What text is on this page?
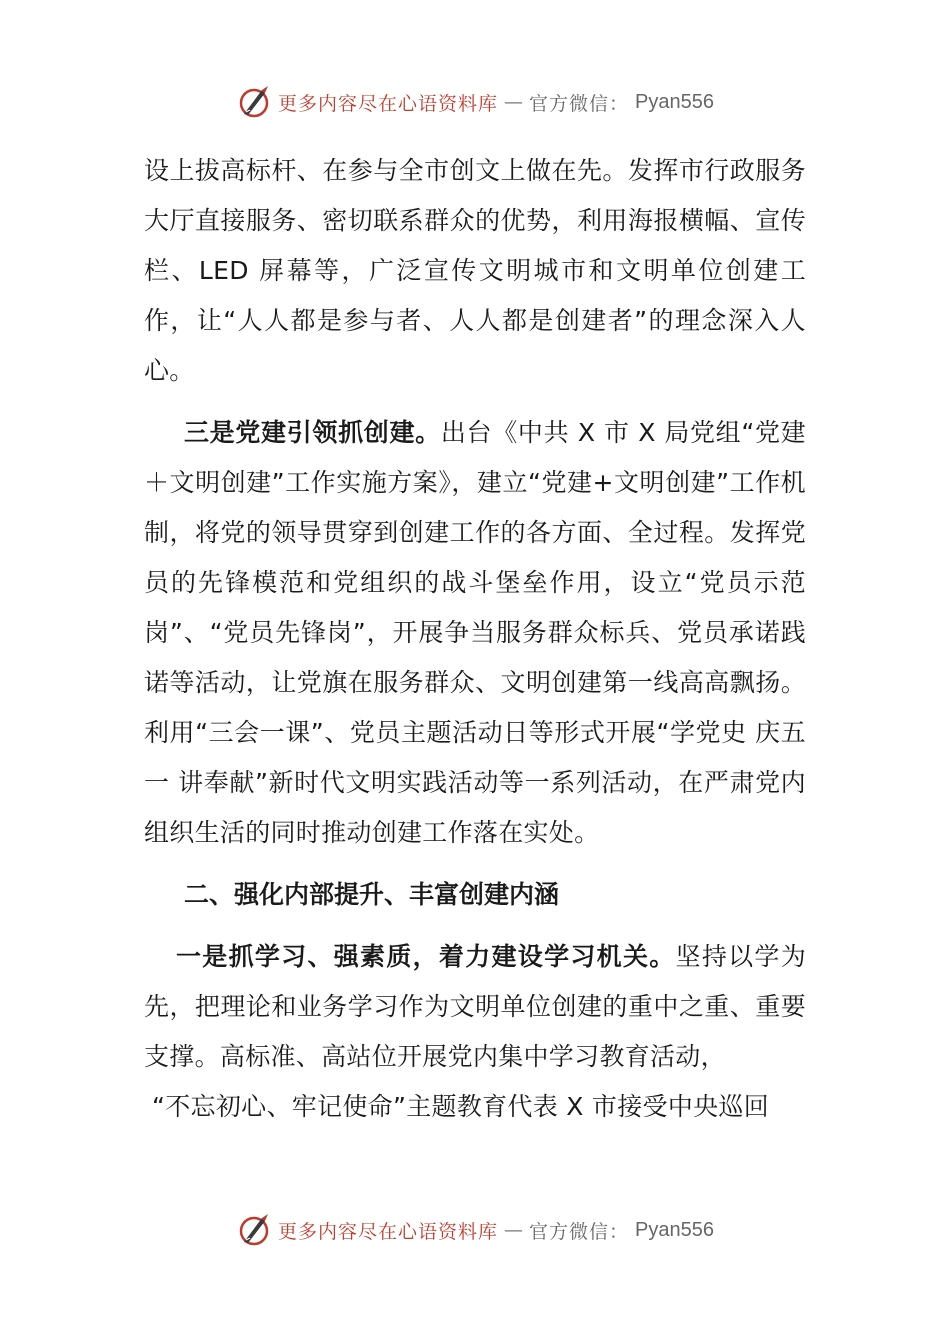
更多内容尽在心语资料库 — 官方微信： Pyan556

设上拔高标杆、在参与全市创文上做在先。发挥市行政服务大厅直接服务、密切联系群众的优势，利用海报横幅、宣传栏、LED 屏幕等，广泛宣传文明城市和文明单位创建工作，让“人人都是参与者、人人都是创建者”的理念深入人心。

三是党建引领抓创建。出台《中共 X 市 X 局党组“党建＋文明创建”工作实施方案》，建立“党建+文明创建”工作机制，将党的领导贯穿到创建工作的各方面、全过程。发挥党员的先锋模范和党组织的战斗堡垒作用，设立“党员示范岗”、“党员先锋岗”，开展争当服务群众标兵、党员承诺践诺等活动，让党旗在服务群众、文明创建第一线高高飘扬。利用“三会一课”、党员主题活动日等形式开展“学党史 庆五一 讲奉献”新时代文明实践活动等一系列活动，在严肃党内组织生活的同时推动创建工作落在实处。

二、强化内部提升、丰富创建内涵

一是抓学习、强素质，着力建设学习机关。坚持以学为先，把理论和业务学习作为文明单位创建的重中之重、重要支撑。高标准、高站位开展党内集中学习教育活动，

“不忘初心、牢记使命”主题教育代表 X 市接受中央巡回

更多内容尽在心语资料库 — 官方微信： Pyan556
